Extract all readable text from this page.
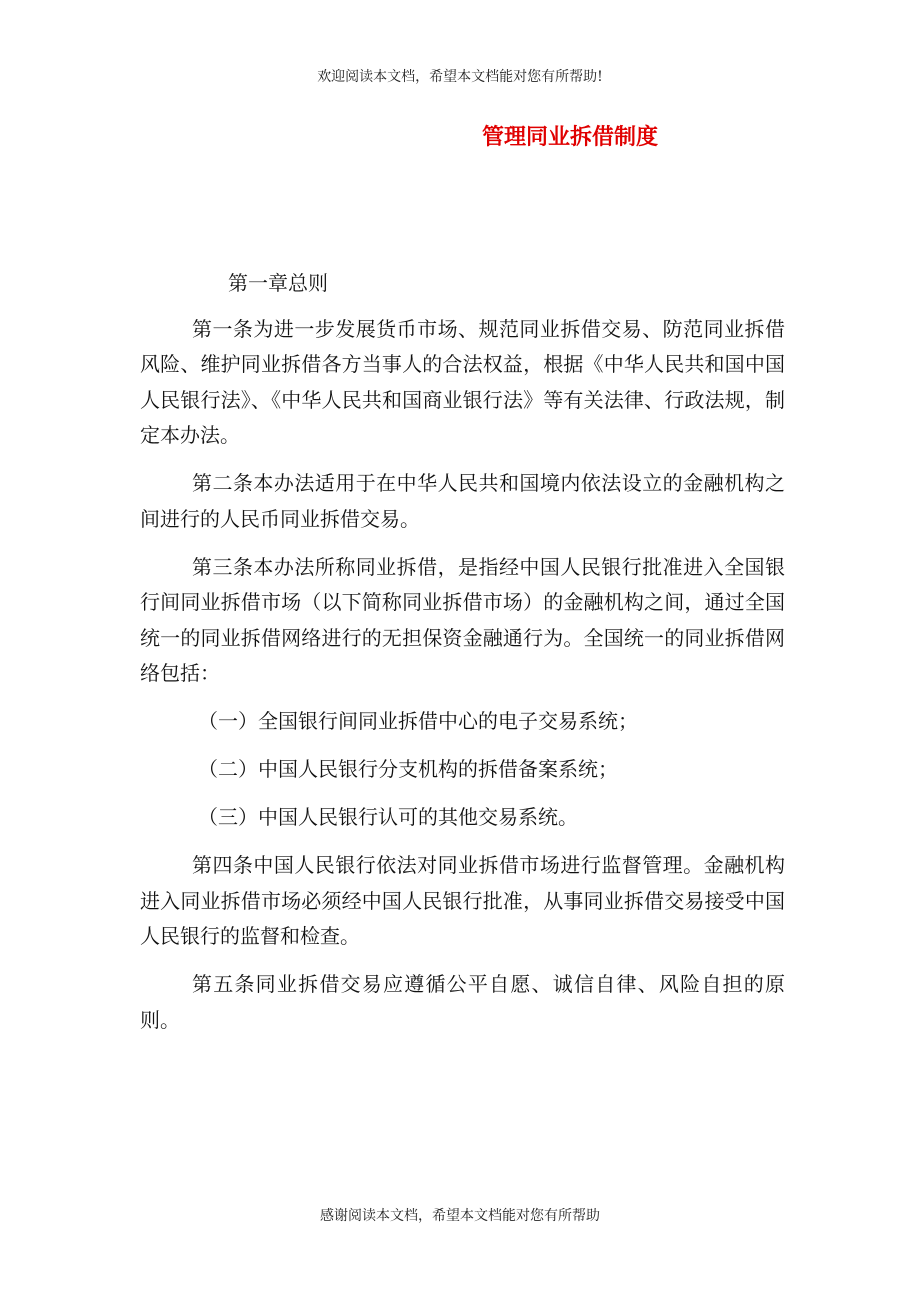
欢迎阅读本文档，希望本文档能对您有所帮助!
管理同业拆借制度

第一章总则

第一条为进一步发展货币市场、规范同业拆借交易、防范同业拆借风险、维护同业拆借各方当事人的合法权益，根据《中华人民共和国中国人民银行法》、《中华人民共和国商业银行法》等有关法律、行政法规，制定本办法。

第二条本办法适用于在中华人民共和国境内依法设立的金融机构之间进行的人民币同业拆借交易。

第三条本办法所称同业拆借，是指经中国人民银行批准进入全国银行间同业拆借市场（以下简称同业拆借市场）的金融机构之间，通过全国统一的同业拆借网络进行的无担保资金融通行为。全国统一的同业拆借网络包括：

（一）全国银行间同业拆借中心的电子交易系统；

（二）中国人民银行分支机构的拆借备案系统；

（三）中国人民银行认可的其他交易系统。

第四条中国人民银行依法对同业拆借市场进行监督管理。金融机构进入同业拆借市场必须经中国人民银行批准，从事同业拆借交易接受中国人民银行的监督和检查。

第五条同业拆借交易应遵循公平自愿、诚信自律、风险自担的原则。

感谢阅读本文档，希望本文档能对您有所帮助
